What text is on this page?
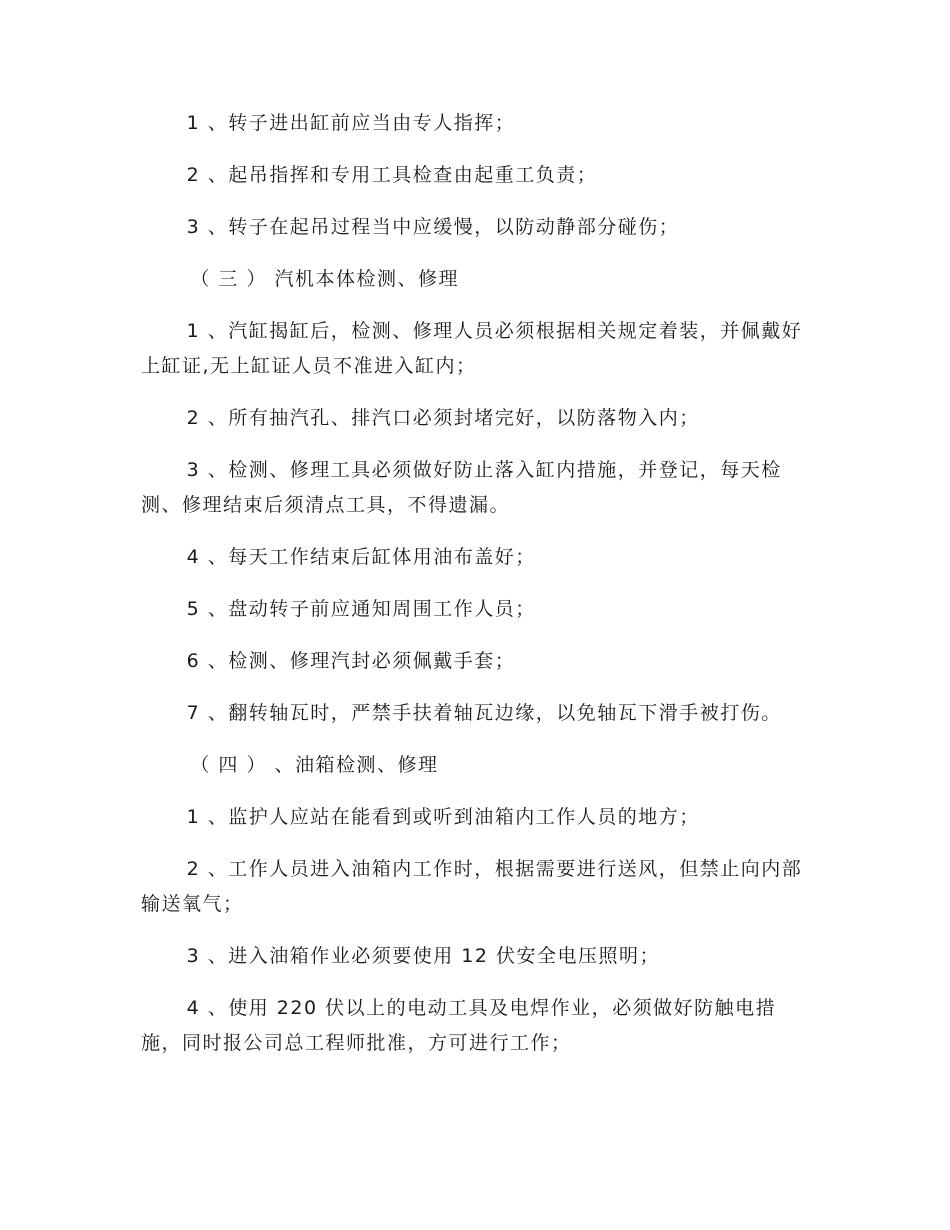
1 、转子进出缸前应当由专人指挥；

2 、起吊指挥和专用工具检查由起重工负责；

3 、转子在起吊过程当中应缓慢，以防动静部分碰伤；

（ 三 ） 汽机本体检测、修理

1 、汽缸揭缸后，检测、修理人员必须根据相关规定着装，并佩戴好上缸证,无上缸证人员不准进入缸内；

2 、所有抽汽孔、排汽口必须封堵完好，以防落物入内；

3 、检测、修理工具必须做好防止落入缸内措施，并登记，每天检测、修理结束后须清点工具，不得遗漏。

4 、每天工作结束后缸体用油布盖好；

5 、盘动转子前应通知周围工作人员；

6 、检测、修理汽封必须佩戴手套；

7 、翻转轴瓦时，严禁手扶着轴瓦边缘，以免轴瓦下滑手被打伤。

（ 四 ） 、油箱检测、修理

1 、监护人应站在能看到或听到油箱内工作人员的地方；

2 、工作人员进入油箱内工作时，根据需要进行送风，但禁止向内部输送氧气；

3 、进入油箱作业必须要使用 12 伏安全电压照明；

4 、使用 220 伏以上的电动工具及电焊作业，必须做好防触电措施，同时报公司总工程师批准，方可进行工作；
